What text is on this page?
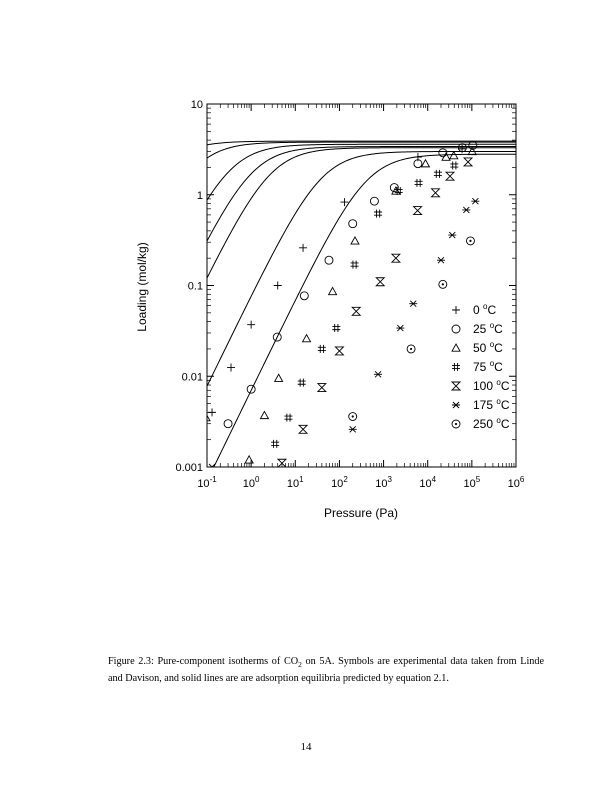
$10^{-1}$ $10^0$ $10^1$ $10^2$ $10^3$ $10^4$ $10^5$ $10^6$
0.001
0.01
0.1
1
10
0 $^o$C
25 $^o$C
50 $^o$C
75 $^o$C
100 $^o$C
175 $^o$C
250 $^o$C
Loading (mol/kg)
Pressure (Pa)
Figure 2.3: Pure-component isotherms of $CO_2$ on 5A. Symbols are experimental data taken from Linde and Davison, and solid lines are are adsorption equilibria predicted by equation 2.1.
14
